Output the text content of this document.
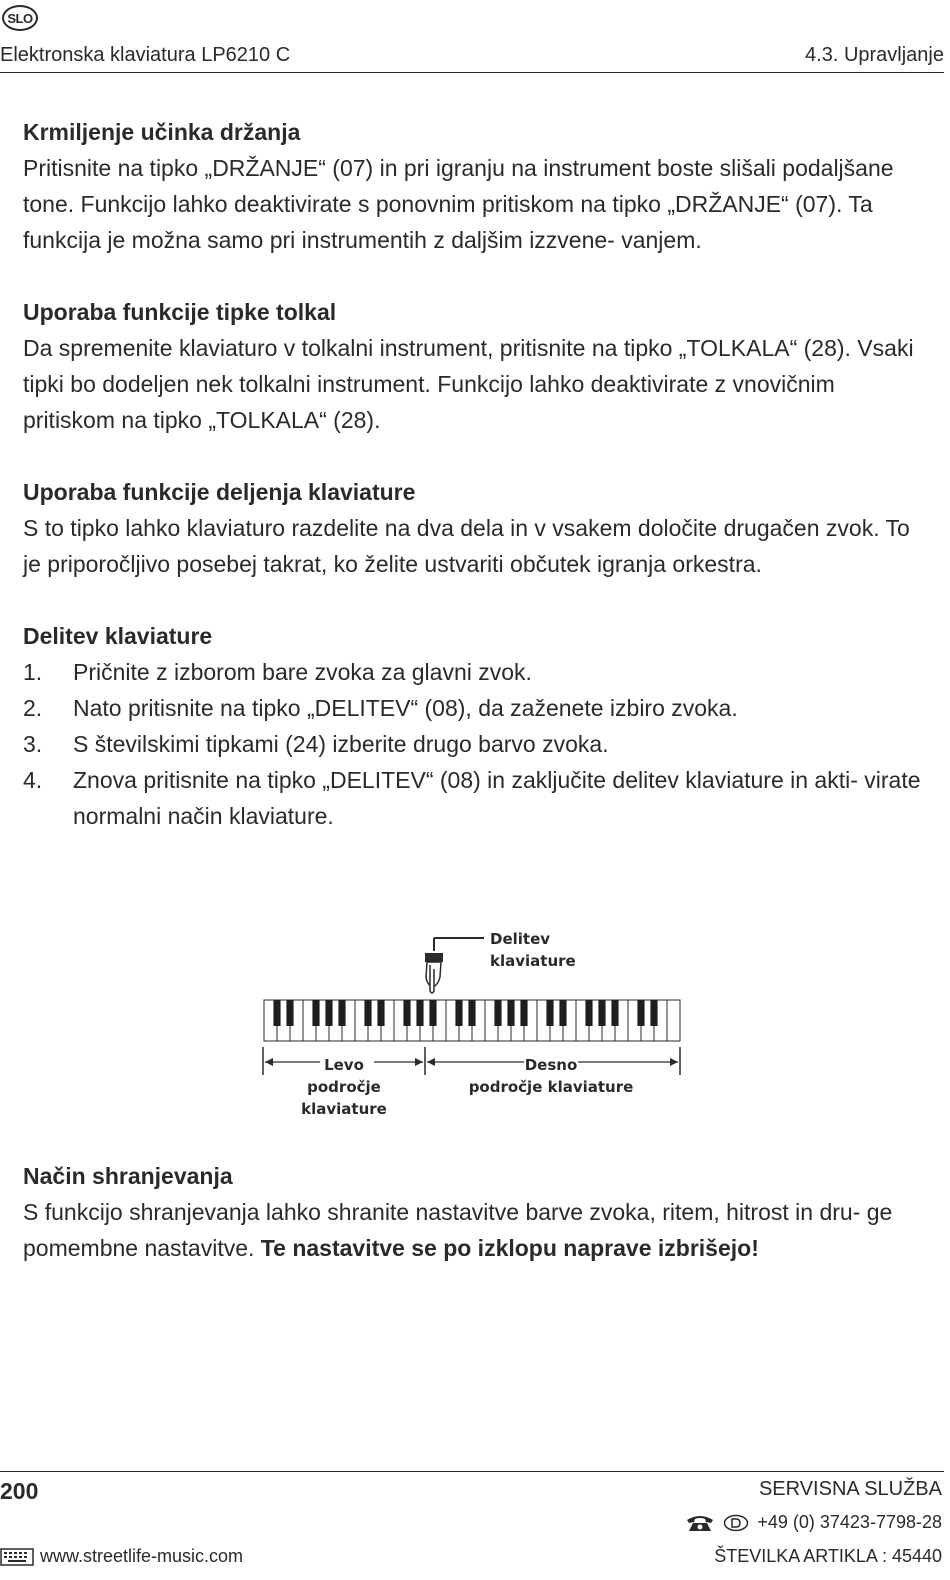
SLO
Elektronska klaviatura LP6210 C	4.3. Upravljanje
Krmiljenje učinka držanja

Pritisnite na tipko „DRŽANJE“ (07) in pri igranju na instrument boste slišali podaljšane tone. Funkcijo lahko deaktivirate s ponovnim pritiskom na tipko „DRŽANJE“ (07). Ta funkcija je možna samo pri instrumentih z daljšim izzvene- vanjem.

Uporaba funkcije tipke tolkal

Da spremenite klaviaturo v tolkalni instrument, pritisnite na tipko „TOLKALA“ (28). Vsaki tipki bo dodeljen nek tolkalni instrument. Funkcijo lahko deaktivirate z vnovičnim pritiskom na tipko „TOLKALA“ (28).

Uporaba funkcije deljenja klaviature

S to tipko lahko klaviaturo razdelite na dva dela in v vsakem določite drugačen zvok. To je priporočljivo posebej takrat, ko želite ustvariti občutek igranja orkestra.

Delitev klaviature
1. Pričnite z izborom bare zvoka za glavni zvok.
2. Nato pritisnite na tipko „DELITEV“ (08), da zaženete izbiro zvoka.
3. S številskimi tipkami (24) izberite drugo barvo zvoka.
4. Znova pritisnite na tipko „DELITEV“ (08) in zaključite delitev klaviature in akti- virate normalni način klaviature.
Delitev
klaviature
Levo
področje klaviature
Desno
področje klaviature
Način shranjevanja

S funkcijo shranjevanja lahko shranite nastavitve barve zvoka, ritem, hitrost in dru- ge pomembne nastavitve. Te nastavitve se po izklopu naprave izbrišejo!

200	SERVISNA SLUŽBA
+49 (0) 37423-7798-28
www.streetlife-music.com	ŠTEVILKA ARTIKLA : 45440
